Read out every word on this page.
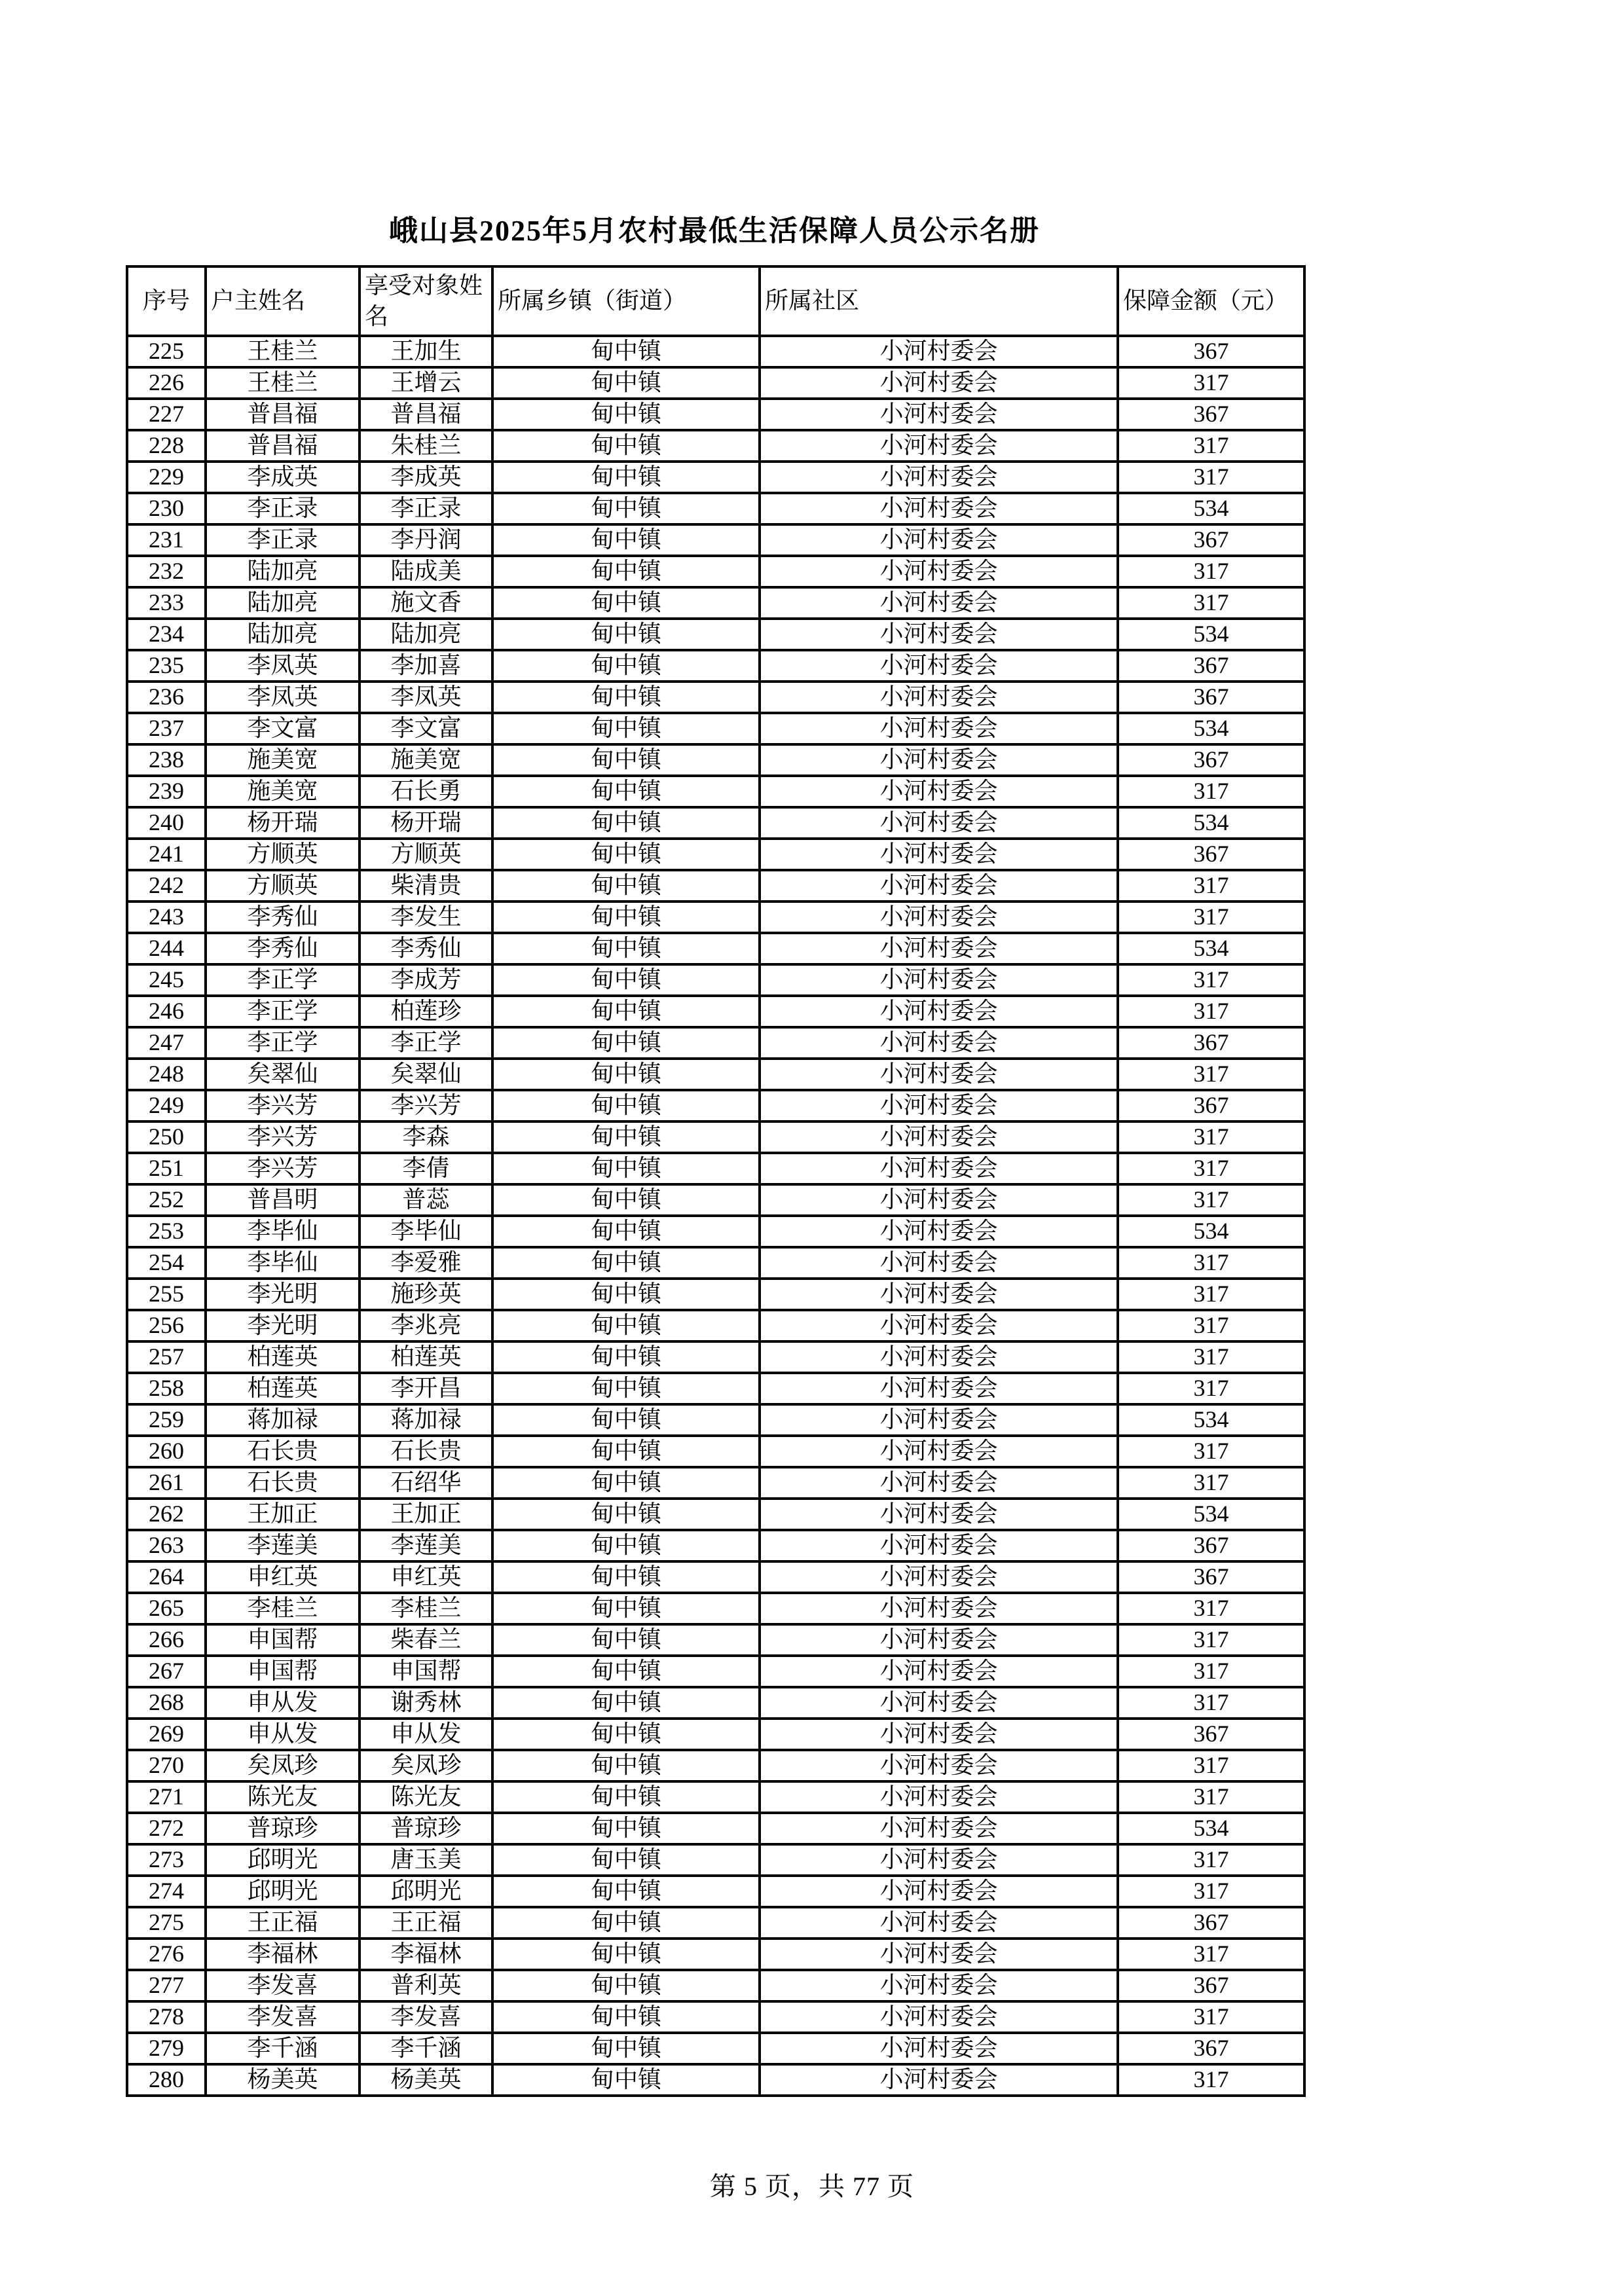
峨山县2025年5月农村最低生活保障人员公示名册
序号	户主姓名	享受对象姓名	所属乡镇（街道）	所属社区	保障金额（元）
225	王桂兰	王加生	甸中镇	小河村委会	367
226	王桂兰	王增云	甸中镇	小河村委会	317
227	普昌福	普昌福	甸中镇	小河村委会	367
228	普昌福	朱桂兰	甸中镇	小河村委会	317
229	李成英	李成英	甸中镇	小河村委会	317
230	李正录	李正录	甸中镇	小河村委会	534
231	李正录	李丹润	甸中镇	小河村委会	367
232	陆加亮	陆成美	甸中镇	小河村委会	317
233	陆加亮	施文香	甸中镇	小河村委会	317
234	陆加亮	陆加亮	甸中镇	小河村委会	534
235	李凤英	李加喜	甸中镇	小河村委会	367
236	李凤英	李凤英	甸中镇	小河村委会	367
237	李文富	李文富	甸中镇	小河村委会	534
238	施美宽	施美宽	甸中镇	小河村委会	367
239	施美宽	石长勇	甸中镇	小河村委会	317
240	杨开瑞	杨开瑞	甸中镇	小河村委会	534
241	方顺英	方顺英	甸中镇	小河村委会	367
242	方顺英	柴清贵	甸中镇	小河村委会	317
243	李秀仙	李发生	甸中镇	小河村委会	317
244	李秀仙	李秀仙	甸中镇	小河村委会	534
245	李正学	李成芳	甸中镇	小河村委会	317
246	李正学	柏莲珍	甸中镇	小河村委会	317
247	李正学	李正学	甸中镇	小河村委会	367
248	矣翠仙	矣翠仙	甸中镇	小河村委会	317
249	李兴芳	李兴芳	甸中镇	小河村委会	367
250	李兴芳	李森	甸中镇	小河村委会	317
251	李兴芳	李倩	甸中镇	小河村委会	317
252	普昌明	普蕊	甸中镇	小河村委会	317
253	李毕仙	李毕仙	甸中镇	小河村委会	534
254	李毕仙	李爱雅	甸中镇	小河村委会	317
255	李光明	施珍英	甸中镇	小河村委会	317
256	李光明	李兆亮	甸中镇	小河村委会	317
257	柏莲英	柏莲英	甸中镇	小河村委会	317
258	柏莲英	李开昌	甸中镇	小河村委会	317
259	蒋加禄	蒋加禄	甸中镇	小河村委会	534
260	石长贵	石长贵	甸中镇	小河村委会	317
261	石长贵	石绍华	甸中镇	小河村委会	317
262	王加正	王加正	甸中镇	小河村委会	534
263	李莲美	李莲美	甸中镇	小河村委会	367
264	申红英	申红英	甸中镇	小河村委会	367
265	李桂兰	李桂兰	甸中镇	小河村委会	317
266	申国帮	柴春兰	甸中镇	小河村委会	317
267	申国帮	申国帮	甸中镇	小河村委会	317
268	申从发	谢秀林	甸中镇	小河村委会	317
269	申从发	申从发	甸中镇	小河村委会	367
270	矣凤珍	矣凤珍	甸中镇	小河村委会	317
271	陈光友	陈光友	甸中镇	小河村委会	317
272	普琼珍	普琼珍	甸中镇	小河村委会	534
273	邱明光	唐玉美	甸中镇	小河村委会	317
274	邱明光	邱明光	甸中镇	小河村委会	317
275	王正福	王正福	甸中镇	小河村委会	367
276	李福林	李福林	甸中镇	小河村委会	317
277	李发喜	普利英	甸中镇	小河村委会	367
278	李发喜	李发喜	甸中镇	小河村委会	317
279	李千涵	李千涵	甸中镇	小河村委会	367
280	杨美英	杨美英	甸中镇	小河村委会	317
第 5 页，共 77 页
